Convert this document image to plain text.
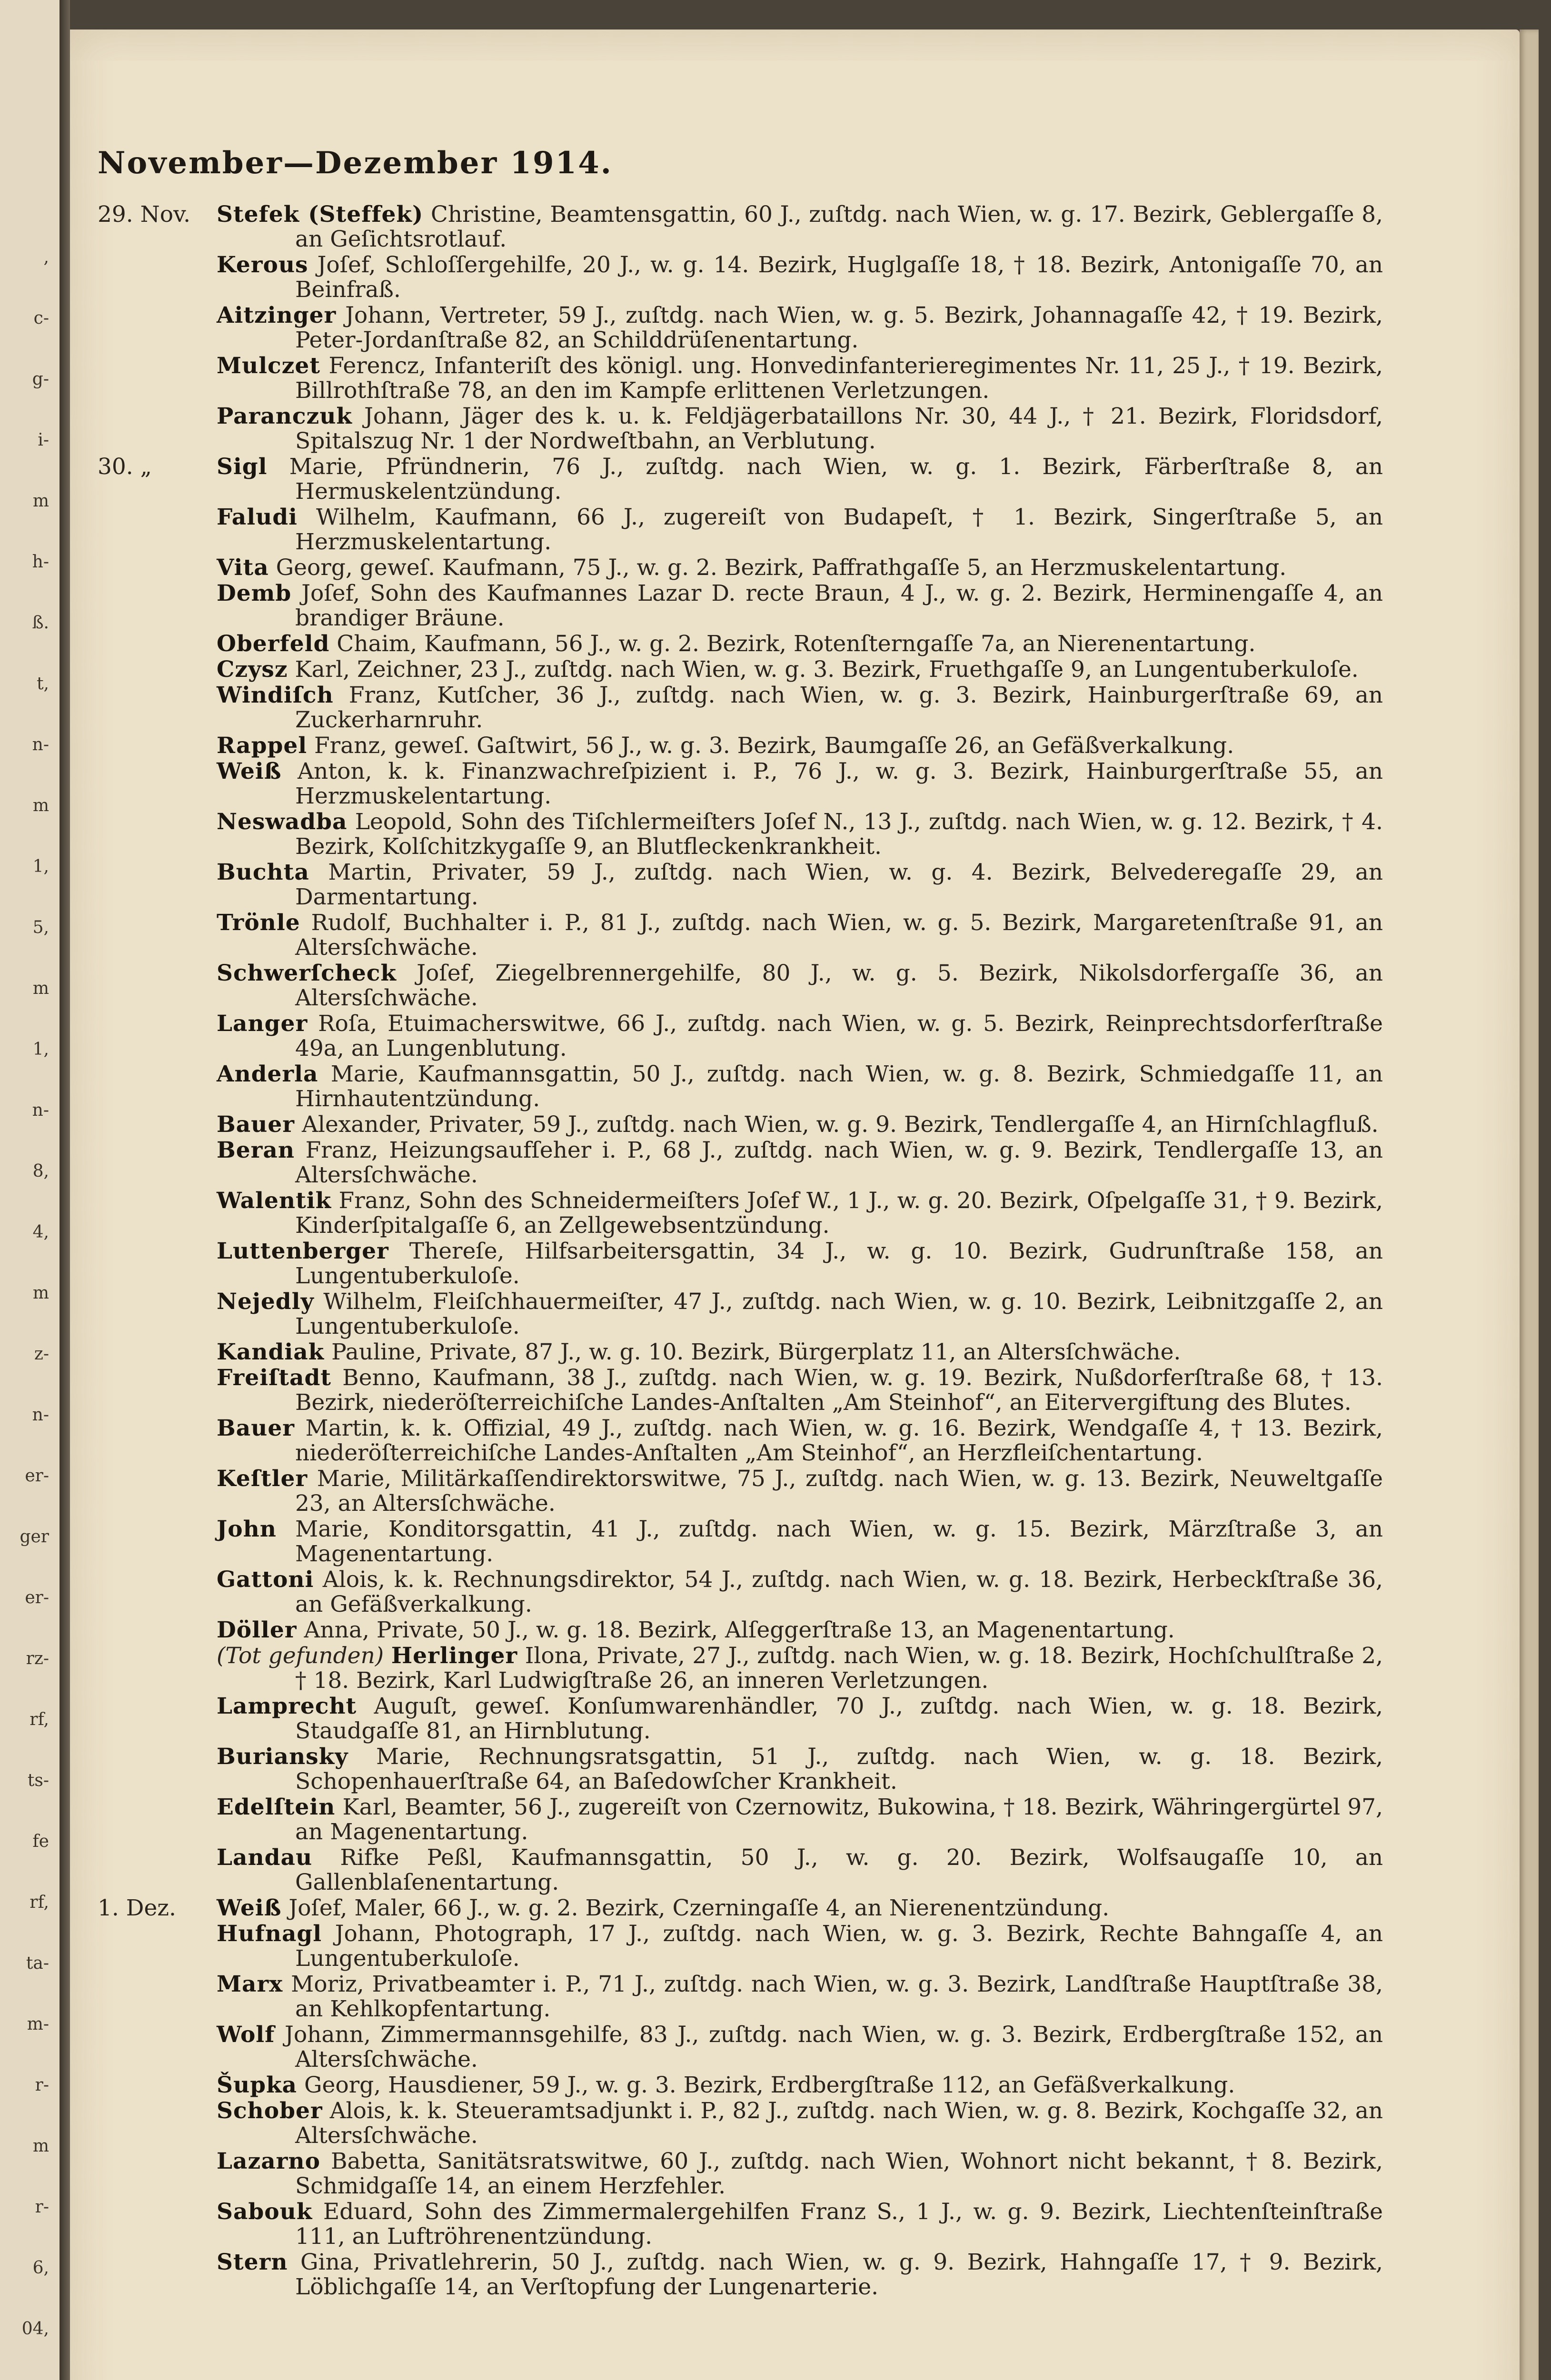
,
c-
g-
i-
m
h-
ß.
t,
n-
m
1,
5,
m
1,
n-
8,
4,
m
z-
n-
er-
ger
er-
rz-
rf,
ts-
fe
rf,
ta-
m-
r-
m
r-
6,
04,
November—Dezember 1914.
29. Nov.	Stefek (Steffek) Christine, Beamtensgattin, 60 J., zuſtdg. nach Wien, w. g. 17. Bezirk, Geblergaſſe 8, an Geſichtsrotlauf.
Kerous Joſef, Schloſſergehilfe, 20 J., w. g. 14. Bezirk, Huglgaſſe 18, † 18. Bezirk, Antonigaſſe 70, an Beinfraß.
Aitzinger Johann, Vertreter, 59 J., zuſtdg. nach Wien, w. g. 5. Bezirk, Johannagaſſe 42, † 19. Bezirk, Peter-Jordanſtraße 82, an Schilddrüſenentartung.
Mulczet Ferencz, Infanteriſt des königl. ung. Honvedinfanterieregimentes Nr. 11, 25 J., † 19. Bezirk, Billrothſtraße 78, an den im Kampfe erlittenen Verletzungen.
Paranczuk Johann, Jäger des k. u. k. Feldjägerbataillons Nr. 30, 44 J., † 21. Bezirk, Floridsdorf, Spitalszug Nr. 1 der Nordweſtbahn, an Verblutung.
30. „	Sigl Marie, Pfründnerin, 76 J., zuſtdg. nach Wien, w. g. 1. Bezirk, Färberſtraße 8, an Hermuskelentzündung.
Faludi Wilhelm, Kaufmann, 66 J., zugereiſt von Budapeſt, † 1. Bezirk, Singerſtraße 5, an Herzmuskelentartung.
Vita Georg, geweſ. Kaufmann, 75 J., w. g. 2. Bezirk, Paffrathgaſſe 5, an Herzmuskelentartung.
Demb Joſef, Sohn des Kaufmannes Lazar D. recte Braun, 4 J., w. g. 2. Bezirk, Herminengaſſe 4, an brandiger Bräune.
Oberfeld Chaim, Kaufmann, 56 J., w. g. 2. Bezirk, Rotenſterngaſſe 7a, an Nierenentartung.
Czysz Karl, Zeichner, 23 J., zuſtdg. nach Wien, w. g. 3. Bezirk, Fruethgaſſe 9, an Lungentuberkuloſe.
Windiſch Franz, Kutſcher, 36 J., zuſtdg. nach Wien, w. g. 3. Bezirk, Hainburgerſtraße 69, an Zuckerharnruhr.
Rappel Franz, geweſ. Gaſtwirt, 56 J., w. g. 3. Bezirk, Baumgaſſe 26, an Gefäßverkalkung.
Weiß Anton, k. k. Finanzwachreſpizient i. P., 76 J., w. g. 3. Bezirk, Hainburgerſtraße 55, an Herzmuskelentartung.
Neswadba Leopold, Sohn des Tiſchlermeiſters Joſef N., 13 J., zuſtdg. nach Wien, w. g. 12. Bezirk, † 4. Bezirk, Kolſchitzkygaſſe 9, an Blutfleckenkrankheit.
Buchta Martin, Privater, 59 J., zuſtdg. nach Wien, w. g. 4. Bezirk, Belvederegaſſe 29, an Darmentartung.
Trönle Rudolf, Buchhalter i. P., 81 J., zuſtdg. nach Wien, w. g. 5. Bezirk, Margaretenſtraße 91, an Altersſchwäche.
Schwerſcheck Joſef, Ziegelbrennergehilfe, 80 J., w. g. 5. Bezirk, Nikolsdorfergaſſe 36, an Altersſchwäche.
Langer Roſa, Etuimacherswitwe, 66 J., zuſtdg. nach Wien, w. g. 5. Bezirk, Reinprechtsdorferſtraße 49a, an Lungenblutung.
Anderla Marie, Kaufmannsgattin, 50 J., zuſtdg. nach Wien, w. g. 8. Bezirk, Schmiedgaſſe 11, an Hirnhautentzündung.
Bauer Alexander, Privater, 59 J., zuſtdg. nach Wien, w. g. 9. Bezirk, Tendlergaſſe 4, an Hirnſchlagfluß.
Beran Franz, Heizungsaufſeher i. P., 68 J., zuſtdg. nach Wien, w. g. 9. Bezirk, Tendlergaſſe 13, an Altersſchwäche.
Walentik Franz, Sohn des Schneidermeiſters Joſef W., 1 J., w. g. 20. Bezirk, Oſpelgaſſe 31, † 9. Bezirk, Kinderſpitalgaſſe 6, an Zellgewebsentzündung.
Luttenberger Thereſe, Hilfsarbeitersgattin, 34 J., w. g. 10. Bezirk, Gudrunſtraße 158, an Lungentuberkuloſe.
Nejedly Wilhelm, Fleiſchhauermeiſter, 47 J., zuſtdg. nach Wien, w. g. 10. Bezirk, Leibnitzgaſſe 2, an Lungentuberkuloſe.
Kandiak Pauline, Private, 87 J., w. g. 10. Bezirk, Bürgerplatz 11, an Altersſchwäche.
Freiſtadt Benno, Kaufmann, 38 J., zuſtdg. nach Wien, w. g. 19. Bezirk, Nußdorferſtraße 68, † 13. Bezirk, niederöſterreichiſche Landes-Anſtalten „Am Steinhof“, an Eitervergiftung des Blutes.
Bauer Martin, k. k. Offizial, 49 J., zuſtdg. nach Wien, w. g. 16. Bezirk, Wendgaſſe 4, † 13. Bezirk, niederöſterreichiſche Landes-Anſtalten „Am Steinhof“, an Herzfleiſchentartung.
Keſtler Marie, Militärkaſſendirektorswitwe, 75 J., zuſtdg. nach Wien, w. g. 13. Bezirk, Neuweltgaſſe 23, an Altersſchwäche.
John Marie, Konditorsgattin, 41 J., zuſtdg. nach Wien, w. g. 15. Bezirk, Märzſtraße 3, an Magenentartung.
Gattoni Alois, k. k. Rechnungsdirektor, 54 J., zuſtdg. nach Wien, w. g. 18. Bezirk, Herbeckſtraße 36, an Gefäßverkalkung.
Döller Anna, Private, 50 J., w. g. 18. Bezirk, Alſeggerſtraße 13, an Magenentartung.
(Tot gefunden) Herlinger Ilona, Private, 27 J., zuſtdg. nach Wien, w. g. 18. Bezirk, Hochſchulſtraße 2, † 18. Bezirk, Karl Ludwigſtraße 26, an inneren Verletzungen.
Lamprecht Auguſt, geweſ. Konſumwarenhändler, 70 J., zuſtdg. nach Wien, w. g. 18. Bezirk, Staudgaſſe 81, an Hirnblutung.
Buriansky Marie, Rechnungsratsgattin, 51 J., zuſtdg. nach Wien, w. g. 18. Bezirk, Schopenhauerſtraße 64, an Baſedowſcher Krankheit.
Edelſtein Karl, Beamter, 56 J., zugereiſt von Czernowitz, Bukowina, † 18. Bezirk, Währingergürtel 97, an Magenentartung.
Landau Rifke Peßl, Kaufmannsgattin, 50 J., w. g. 20. Bezirk, Wolfsaugaſſe 10, an Gallenblaſenentartung.
1. Dez.	Weiß Joſef, Maler, 66 J., w. g. 2. Bezirk, Czerningaſſe 4, an Nierenentzündung.
Hufnagl Johann, Photograph, 17 J., zuſtdg. nach Wien, w. g. 3. Bezirk, Rechte Bahngaſſe 4, an Lungentuberkuloſe.
Marx Moriz, Privatbeamter i. P., 71 J., zuſtdg. nach Wien, w. g. 3. Bezirk, Landſtraße Hauptſtraße 38, an Kehlkopfentartung.
Wolf Johann, Zimmermannsgehilfe, 83 J., zuſtdg. nach Wien, w. g. 3. Bezirk, Erdbergſtraße 152, an Altersſchwäche.
Šupka Georg, Hausdiener, 59 J., w. g. 3. Bezirk, Erdbergſtraße 112, an Gefäßverkalkung.
Schober Alois, k. k. Steueramtsadjunkt i. P., 82 J., zuſtdg. nach Wien, w. g. 8. Bezirk, Kochgaſſe 32, an Altersſchwäche.
Lazarno Babetta, Sanitätsratswitwe, 60 J., zuſtdg. nach Wien, Wohnort nicht bekannt, † 8. Bezirk, Schmidgaſſe 14, an einem Herzfehler.
Sabouk Eduard, Sohn des Zimmermalergehilfen Franz S., 1 J., w. g. 9. Bezirk, Liechtenſteinſtraße 111, an Luftröhrenentzündung.
Stern Gina, Privatlehrerin, 50 J., zuſtdg. nach Wien, w. g. 9. Bezirk, Hahngaſſe 17, † 9. Bezirk, Löblichgaſſe 14, an Verſtopfung der Lungenarterie.
